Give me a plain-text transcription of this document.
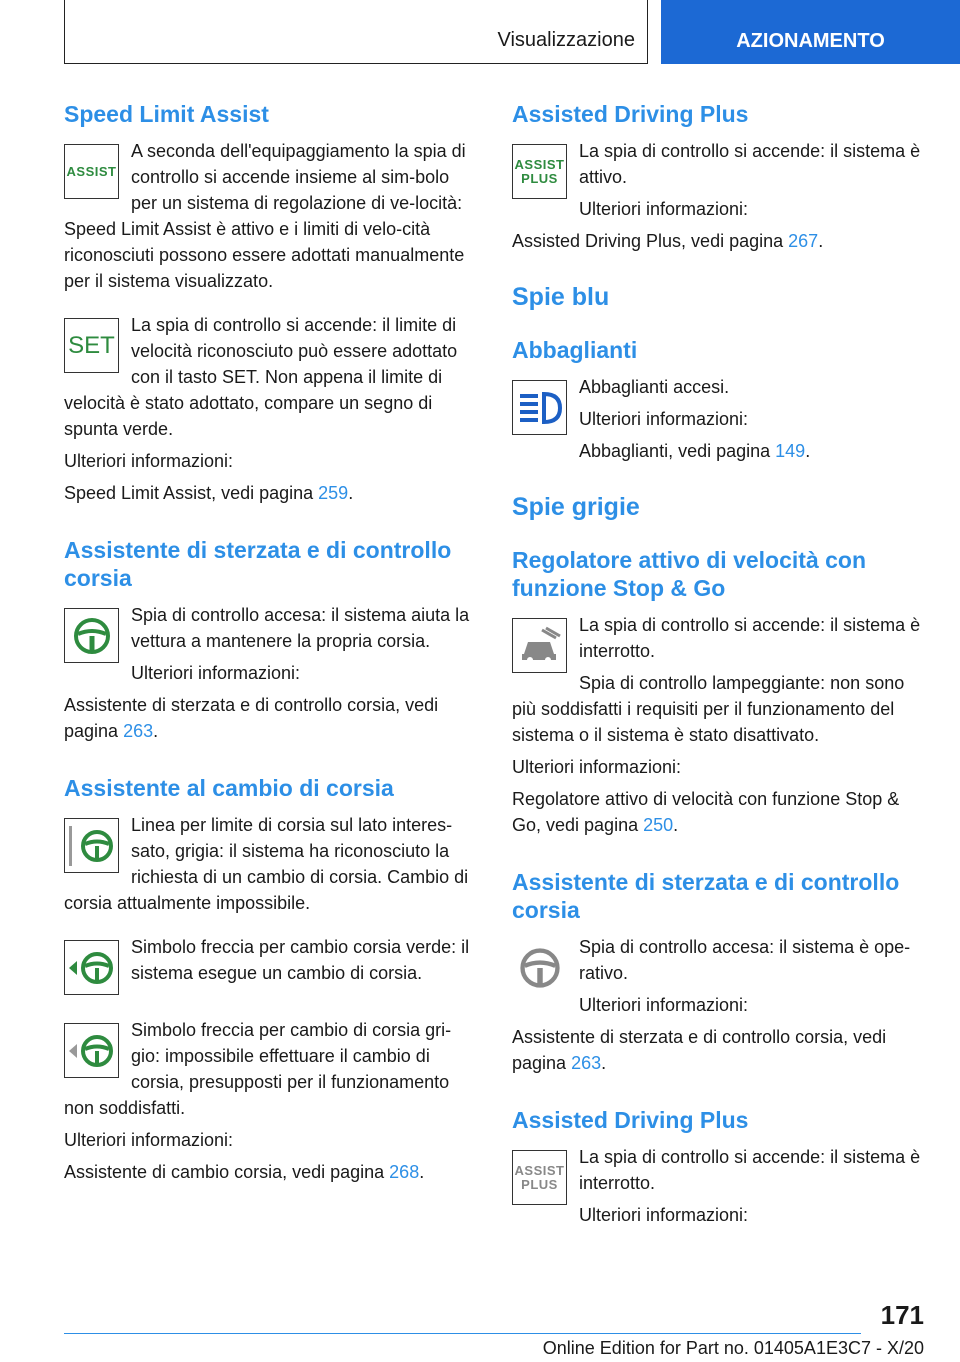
Visualizzazione	AZIONAMENTO
Speed Limit Assist
ASSIST

A seconda dell'equipaggiamento la spia di controllo si accende insieme al sim-bolo per un sistema di regolazione di ve-locità: Speed Limit Assist è attivo e i limiti di velo-cità riconosciuti possono essere adottati manualmente per il sistema visualizzato.

SET

La spia di controllo si accende: il limite di velocità riconosciuto può essere adottato con il tasto SET. Non appena il limite di velocità è stato adottato, compare un segno di spunta verde.

Ulteriori informazioni:

Speed Limit Assist, vedi pagina 259.

Assistente di sterzata e di controllo corsia

Spia di controllo accesa: il sistema aiuta la vettura a mantenere la propria corsia.

Ulteriori informazioni:

Assistente di sterzata e di controllo corsia, vedi pagina 263.

Assistente al cambio di corsia

Linea per limite di corsia sul lato interes-sato, grigia: il sistema ha riconosciuto la richiesta di un cambio di corsia. Cambio di corsia attualmente impossibile.

Simbolo freccia per cambio corsia verde: il sistema esegue un cambio di corsia.

Simbolo freccia per cambio di corsia gri-gio: impossibile effettuare il cambio di corsia, presupposti per il funzionamento non soddisfatti.

Ulteriori informazioni:

Assistente di cambio corsia, vedi pagina 268.

Assisted Driving Plus
ASSIST
PLUS

La spia di controllo si accende: il sistema è attivo.

Ulteriori informazioni:

Assisted Driving Plus, vedi pagina 267.

Spie blu
Abbaglianti

Abbaglianti accesi.

Ulteriori informazioni:

Abbaglianti, vedi pagina 149.

Spie grigie
Regolatore attivo di velocità con funzione Stop & Go

La spia di controllo si accende: il sistema è interrotto.

Spia di controllo lampeggiante: non sono più soddisfatti i requisiti per il funzionamento del sistema o il sistema è stato disattivato.

Ulteriori informazioni:

Regolatore attivo di velocità con funzione Stop & Go, vedi pagina 250.

Assistente di sterzata e di controllo corsia

Spia di controllo accesa: il sistema è ope-rativo.

Ulteriori informazioni:

Assistente di sterzata e di controllo corsia, vedi pagina 263.

Assisted Driving Plus
ASSIST
PLUS

La spia di controllo si accende: il sistema è interrotto.

Ulteriori informazioni:

171
Online Edition for Part no. 01405A1E3C7 - X/20
